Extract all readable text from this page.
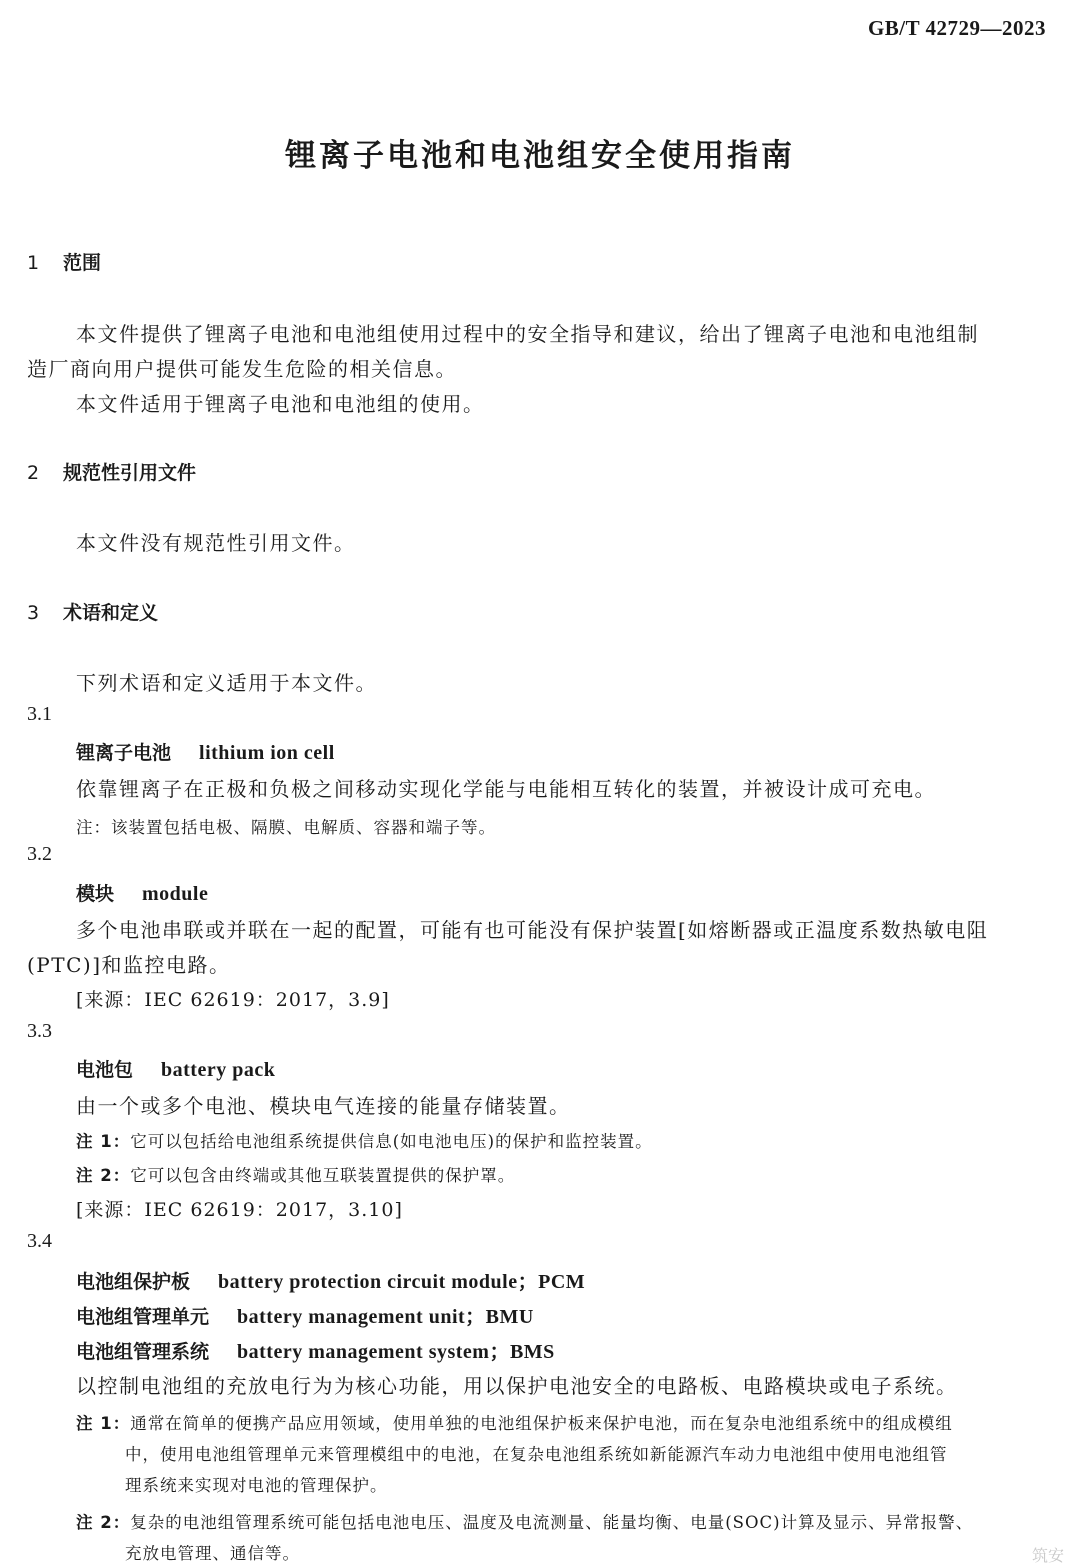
GB/T 42729—2023
锂离子电池和电池组安全使用指南
1 范围
本文件提供了锂离子电池和电池组使用过程中的安全指导和建议，给出了锂离子电池和电池组制
造厂商向用户提供可能发生危险的相关信息。
本文件适用于锂离子电池和电池组的使用。
2 规范性引用文件
本文件没有规范性引用文件。
3 术语和定义
下列术语和定义适用于本文件。
3.1
锂离子电池 lithium ion cell
依靠锂离子在正极和负极之间移动实现化学能与电能相互转化的装置，并被设计成可充电。
注：该装置包括电极、隔膜、电解质、容器和端子等。
3.2
模块 module
多个电池串联或并联在一起的配置，可能有也可能没有保护装置[如熔断器或正温度系数热敏电阻
(PTC)]和监控电路。
[来源：IEC 62619：2017，3.9]
3.3
电池包 battery pack
由一个或多个电池、模块电气连接的能量存储装置。
注 1：它可以包括给电池组系统提供信息(如电池电压)的保护和监控装置。
注 2：它可以包含由终端或其他互联装置提供的保护罩。
[来源：IEC 62619：2017，3.10]
3.4
电池组保护板 battery protection circuit module；PCM
电池组管理单元 battery management unit；BMU
电池组管理系统 battery management system；BMS
以控制电池组的充放电行为为核心功能，用以保护电池安全的电路板、电路模块或电子系统。
注 1：通常在简单的便携产品应用领域，使用单独的电池组保护板来保护电池，而在复杂电池组系统中的组成模组
中，使用电池组管理单元来管理模组中的电池，在复杂电池组系统如新能源汽车动力电池组中使用电池组管
理系统来实现对电池的管理保护。
注 2：复杂的电池组管理系统可能包括电池电压、温度及电流测量、能量均衡、电量(SOC)计算及显示、异常报警、
充放电管理、通信等。	筑安
